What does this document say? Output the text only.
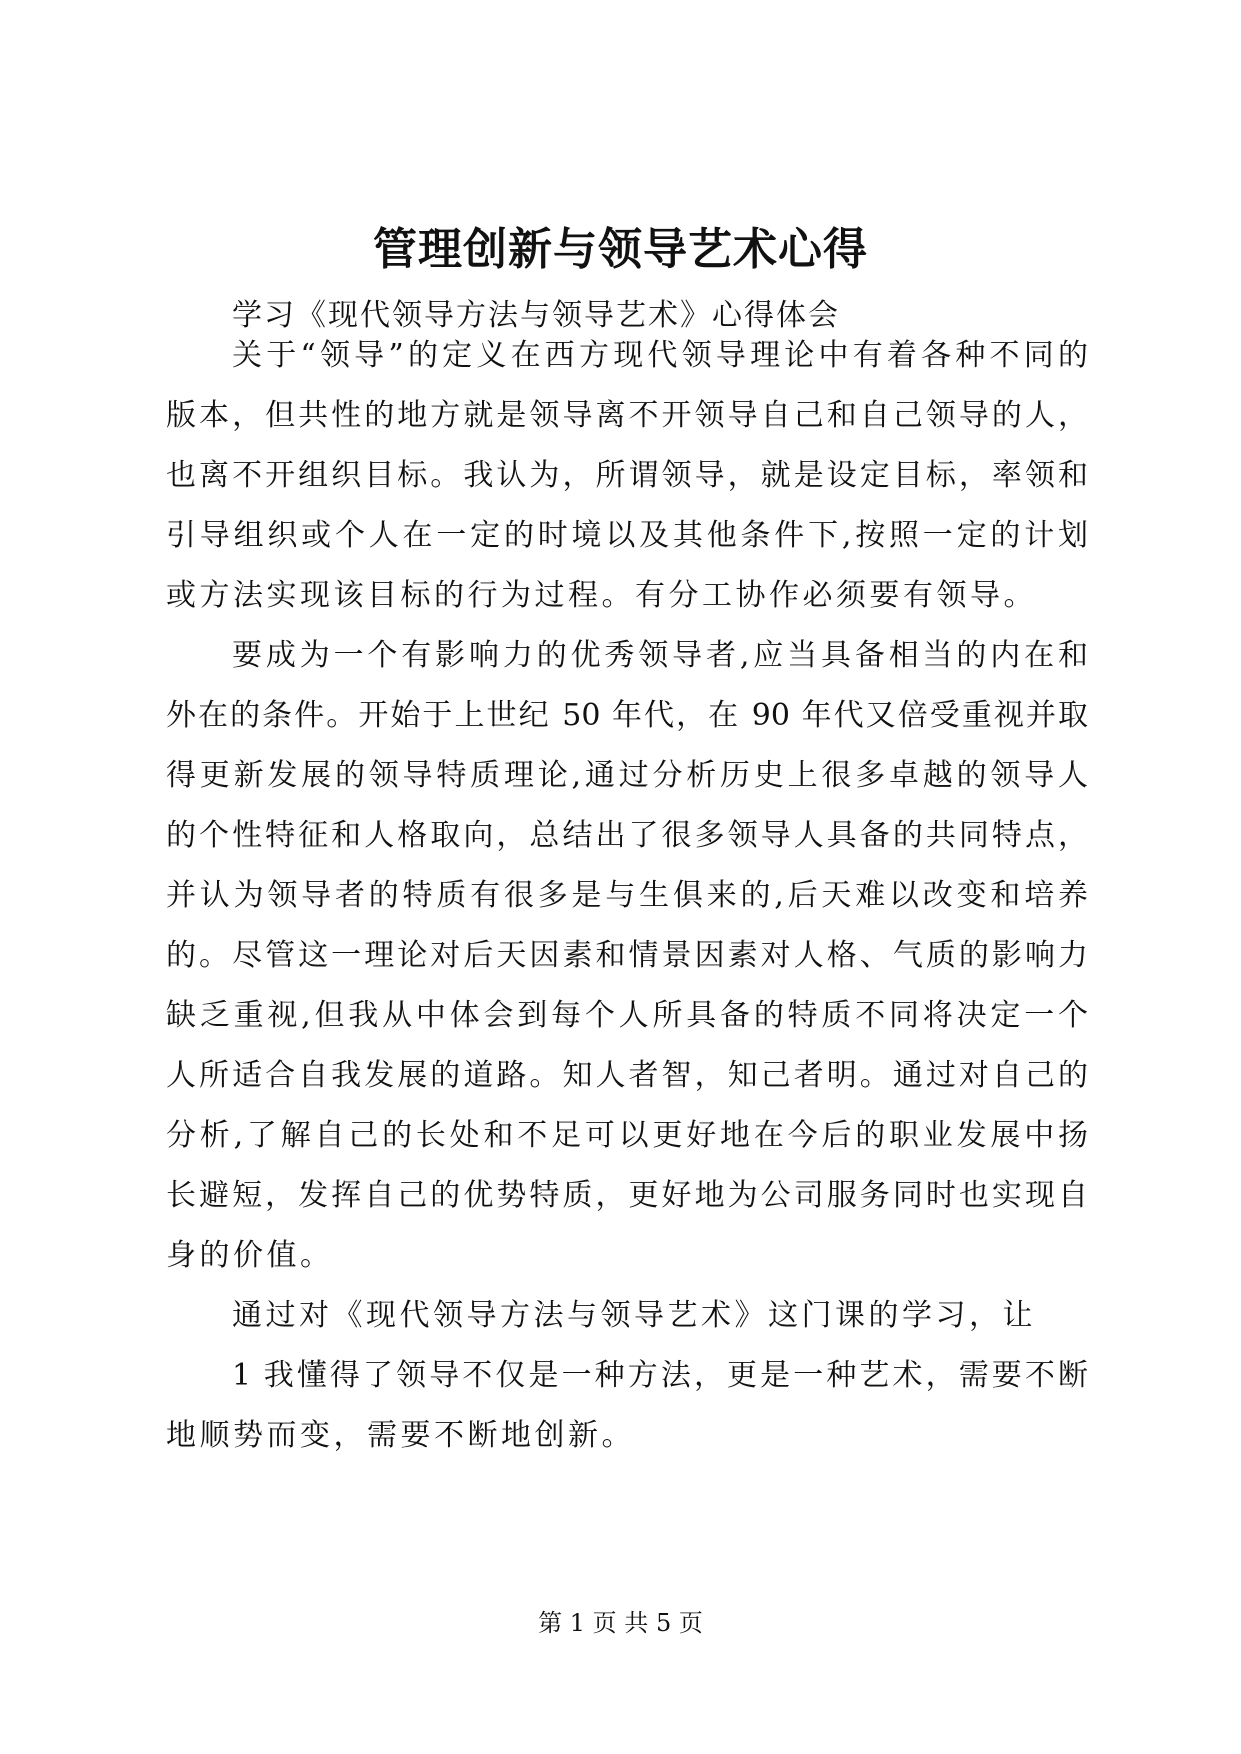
管理创新与领导艺术心得
学习《现代领导方法与领导艺术》心得体会
关于“领导”的定义在西方现代领导理论中有着各种不同的
版本，但共性的地方就是领导离不开领导自己和自己领导的人，
也离不开组织目标。我认为，所谓领导，就是设定目标，率领和
引导组织或个人在一定的时境以及其他条件下,按照一定的计划
或方法实现该目标的行为过程。有分工协作必须要有领导。
要成为一个有影响力的优秀领导者,应当具备相当的内在和
外在的条件。开始于上世纪 50 年代，在 90 年代又倍受重视并取
得更新发展的领导特质理论,通过分析历史上很多卓越的领导人
的个性特征和人格取向，总结出了很多领导人具备的共同特点，
并认为领导者的特质有很多是与生俱来的,后天难以改变和培养
的。尽管这一理论对后天因素和情景因素对人格、气质的影响力
缺乏重视,但我从中体会到每个人所具备的特质不同将决定一个
人所适合自我发展的道路。知人者智，知己者明。通过对自己的
分析,了解自己的长处和不足可以更好地在今后的职业发展中扬
长避短，发挥自己的优势特质，更好地为公司服务同时也实现自
身的价值。
通过对《现代领导方法与领导艺术》这门课的学习，让
1 我懂得了领导不仅是一种方法，更是一种艺术，需要不断
地顺势而变，需要不断地创新。
第 1 页 共 5 页
